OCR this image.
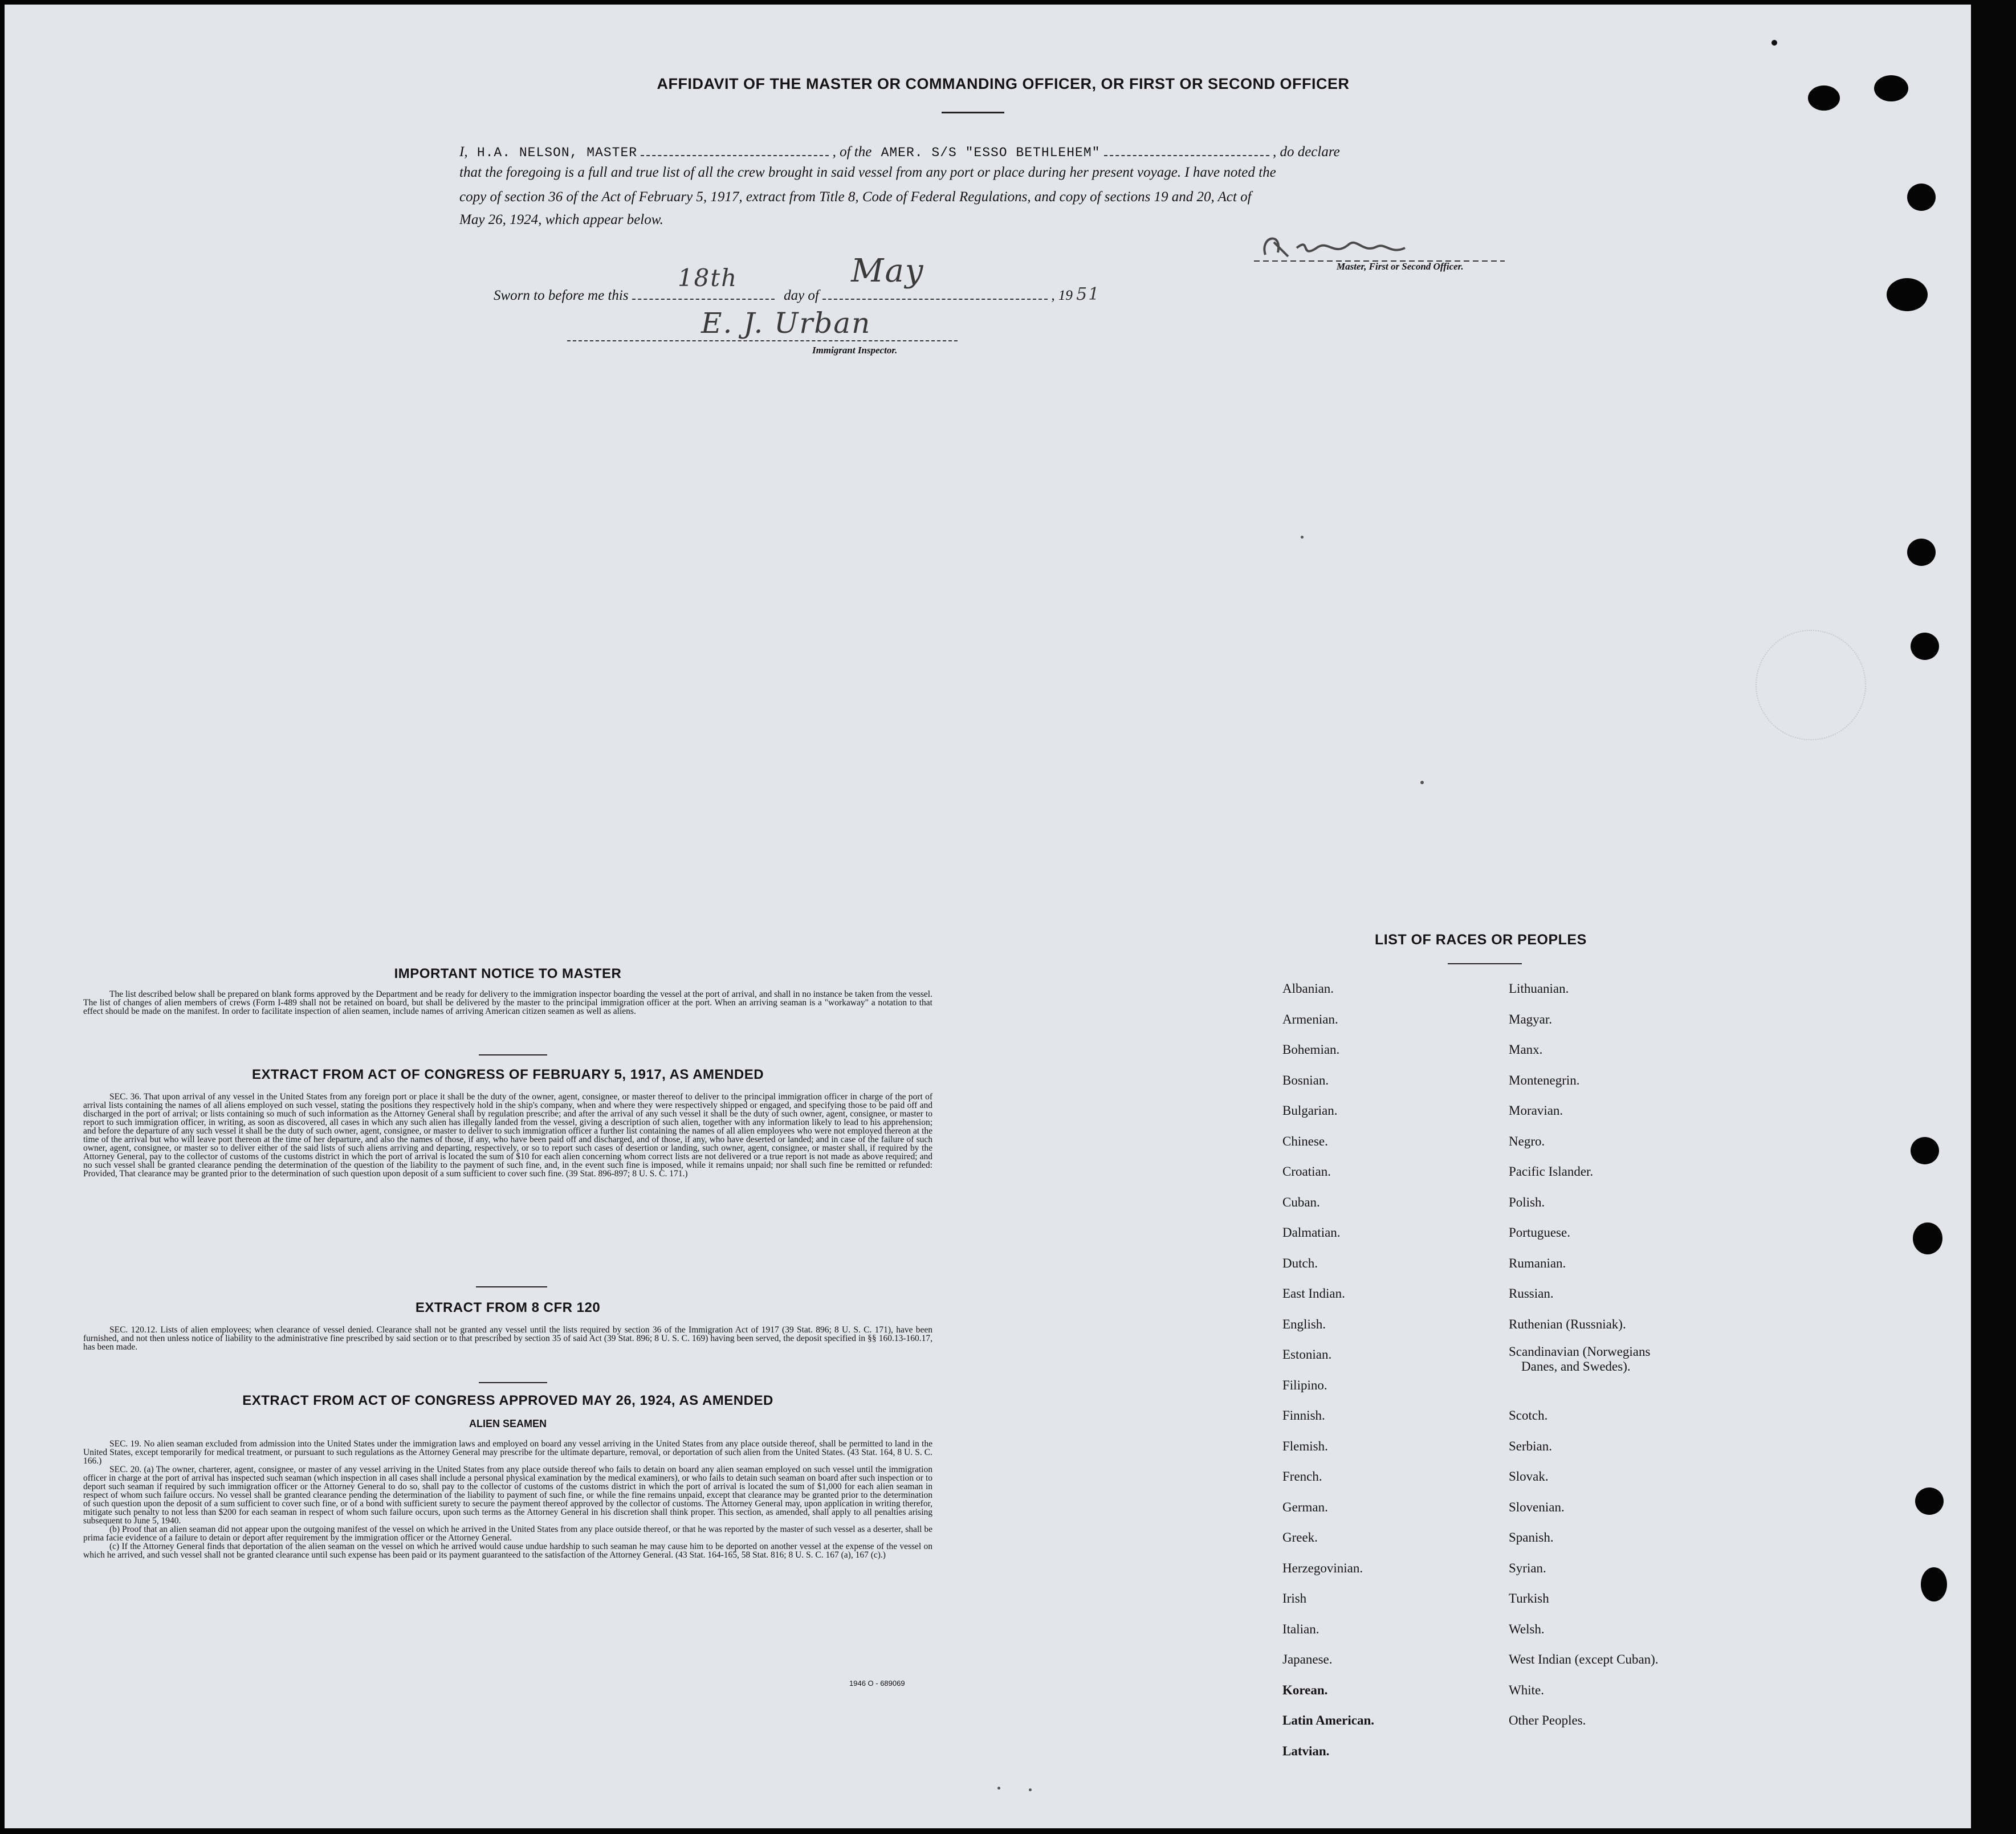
AFFIDAVIT OF THE MASTER OR COMMANDING OFFICER, OR FIRST OR SECOND OFFICER
I, H.A. NELSON, MASTER	, of the AMER. S/S "ESSO BETHLEHEM"	, do declare
that the foregoing is a full and true list of all the crew brought in said vessel from any port or place during her present voyage. I have noted the
copy of section 36 of the Act of February 5, 1917, extract from Title 8, Code of Federal Regulations, and copy of sections 19 and 20, Act of
May 26, 1924, which appear below.
Master, First or Second Officer.
Sworn to before me this
18th
day of
May
, 19 51
E. J. Urban
Immigrant Inspector.
IMPORTANT NOTICE TO MASTER

The list described below shall be prepared on blank forms approved by the Department and be ready for delivery to the immigration inspector boarding the vessel at the port of arrival, and shall in no instance be taken from the vessel. The list of changes of alien members of crews (Form I-489 shall not be retained on board, but shall be delivered by the master to the principal immigration officer at the port. When an arriving seaman is a "workaway" a notation to that effect should be made on the manifest. In order to facilitate inspection of alien seamen, include names of arriving American citizen seamen as well as aliens.

EXTRACT FROM ACT OF CONGRESS OF FEBRUARY 5, 1917, AS AMENDED

SEC. 36. That upon arrival of any vessel in the United States from any foreign port or place it shall be the duty of the owner, agent, consignee, or master thereof to deliver to the principal immigration officer in charge of the port of arrival lists containing the names of all aliens employed on such vessel, stating the positions they respectively hold in the ship's company, when and where they were respectively shipped or engaged, and specifying those to be paid off and discharged in the port of arrival; or lists containing so much of such information as the Attorney General shall by regulation prescribe; and after the arrival of any such vessel it shall be the duty of such owner, agent, consignee, or master to report to such immigration officer, in writing, as soon as discovered, all cases in which any such alien has illegally landed from the vessel, giving a description of such alien, together with any information likely to lead to his apprehension; and before the departure of any such vessel it shall be the duty of such owner, agent, consignee, or master to deliver to such immigration officer a further list containing the names of all alien employees who were not employed thereon at the time of the arrival but who will leave port thereon at the time of her departure, and also the names of those, if any, who have been paid off and discharged, and of those, if any, who have deserted or landed; and in case of the failure of such owner, agent, consignee, or master so to deliver either of the said lists of such aliens arriving and departing, respectively, or so to report such cases of desertion or landing, such owner, agent, consignee, or master shall, if required by the Attorney General, pay to the collector of customs of the customs district in which the port of arrival is located the sum of $10 for each alien concerning whom correct lists are not delivered or a true report is not made as above required; and no such vessel shall be granted clearance pending the determination of the question of the liability to the payment of such fine, and, in the event such fine is imposed, while it remains unpaid; nor shall such fine be remitted or refunded: Provided, That clearance may be granted prior to the determination of such question upon deposit of a sum sufficient to cover such fine. (39 Stat. 896-897; 8 U. S. C. 171.)

EXTRACT FROM 8 CFR 120

SEC. 120.12. Lists of alien employees; when clearance of vessel denied. Clearance shall not be granted any vessel until the lists required by section 36 of the Immigration Act of 1917 (39 Stat. 896; 8 U. S. C. 171), have been furnished, and not then unless notice of liability to the administrative fine prescribed by said section or to that prescribed by section 35 of said Act (39 Stat. 896; 8 U. S. C. 169) having been served, the deposit specified in §§ 160.13-160.17, has been made.

EXTRACT FROM ACT OF CONGRESS APPROVED MAY 26, 1924, AS AMENDED
ALIEN SEAMEN

SEC. 19. No alien seaman excluded from admission into the United States under the immigration laws and employed on board any vessel arriving in the United States from any place outside thereof, shall be permitted to land in the United States, except temporarily for medical treatment, or pursuant to such regulations as the Attorney General may prescribe for the ultimate departure, removal, or deportation of such alien from the United States. (43 Stat. 164, 8 U. S. C. 166.)

SEC. 20. (a) The owner, charterer, agent, consignee, or master of any vessel arriving in the United States from any place outside thereof who fails to detain on board any alien seaman employed on such vessel until the immigration officer in charge at the port of arrival has inspected such seaman (which inspection in all cases shall include a personal physical examination by the medical examiners), or who fails to detain such seaman on board after such inspection or to deport such seaman if required by such immigration officer or the Attorney General to do so, shall pay to the collector of customs of the customs district in which the port of arrival is located the sum of $1,000 for each alien seaman in respect of whom such failure occurs. No vessel shall be granted clearance pending the determination of the liability to payment of such fine, or while the fine remains unpaid, except that clearance may be granted prior to the determination of such question upon the deposit of a sum sufficient to cover such fine, or of a bond with sufficient surety to secure the payment thereof approved by the collector of customs. The Attorney General may, upon application in writing therefor, mitigate such penalty to not less than $200 for each seaman in respect of whom such failure occurs, upon such terms as the Attorney General in his discretion shall think proper. This section, as amended, shall apply to all penalties arising subsequent to June 5, 1940.

(b) Proof that an alien seaman did not appear upon the outgoing manifest of the vessel on which he arrived in the United States from any place outside thereof, or that he was reported by the master of such vessel as a deserter, shall be prima facie evidence of a failure to detain or deport after requirement by the immigration officer or the Attorney General.

(c) If the Attorney General finds that deportation of the alien seaman on the vessel on which he arrived would cause undue hardship to such seaman he may cause him to be deported on another vessel at the expense of the vessel on which he arrived, and such vessel shall not be granted clearance until such expense has been paid or its payment guaranteed to the satisfaction of the Attorney General. (43 Stat. 164-165, 58 Stat. 816; 8 U. S. C. 167 (a), 167 (c).)

1946 O - 689069
LIST OF RACES OR PEOPLES
Albanian.
Armenian.
Bohemian.
Bosnian.
Bulgarian.
Chinese.
Croatian.
Cuban.
Dalmatian.
Dutch.
East Indian.
English.
Estonian.
Filipino.
Finnish.
Flemish.
French.
German.
Greek.
Herzegovinian.
Irish
Italian.
Japanese.
Korean.
Latin American.
Latvian.
Lithuanian.
Magyar.
Manx.
Montenegrin.
Moravian.
Negro.
Pacific Islander.
Polish.
Portuguese.
Rumanian.
Russian.
Ruthenian (Russniak).
Scandinavian (Norwegians
Danes, and Swedes).
Scotch.
Serbian.
Slovak.
Slovenian.
Spanish.
Syrian.
Turkish
Welsh.
West Indian (except Cuban).
White.
Other Peoples.
